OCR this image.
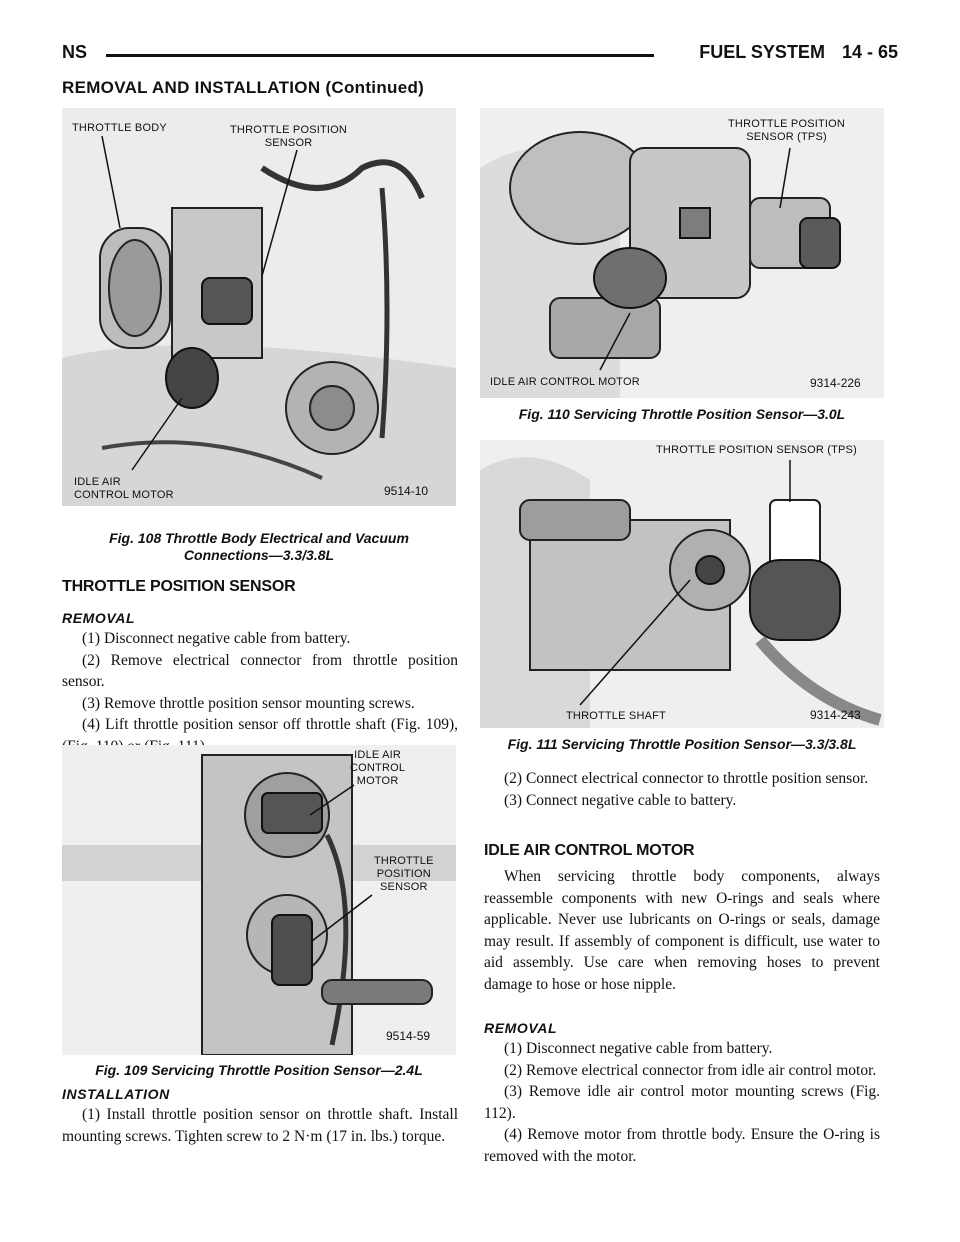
NS	FUEL SYSTEM 14 - 65
REMOVAL AND INSTALLATION (Continued)
THROTTLE BODY	THROTTLE POSITION
SENSOR
IDLE AIR
CONTROL MOTOR	9514-10
Fig. 108 Throttle Body Electrical and Vacuum
Connections—3.3/3.8L
THROTTLE POSITION SENSOR
REMOVAL

(1) Disconnect negative cable from battery.

(2) Remove electrical connector from throttle position sensor.

(3) Remove throttle position sensor mounting screws.

(4) Lift throttle position sensor off throttle shaft (Fig. 109),

IDLE AIR
CONTROL
MOTOR
THROTTLE
POSITION
SENSOR
9514-59
Fig. 109 Servicing Throttle Position Sensor—2.4L
INSTALLATION

(1) Install throttle position sensor on throttle shaft. Install mounting screws. Tighten screw to 2 N·m (17 in. lbs.) torque.

THROTTLE POSITION
SENSOR (TPS)
IDLE AIR CONTROL MOTOR	9314-226
Fig. 110 Servicing Throttle Position Sensor—3.0L
THROTTLE POSITION SENSOR (TPS)
THROTTLE SHAFT	9314-243
Fig. 111 Servicing Throttle Position Sensor—3.3/3.8L

(2) Connect electrical connector to throttle position sensor.

(3) Connect negative cable to battery.

IDLE AIR CONTROL MOTOR

When servicing throttle body components, always reassemble components with new O-rings and seals where applicable. Never use lubricants on O-rings or seals, damage may result. If assembly of component is difficult, use water to aid assembly. Use care when removing hoses to prevent damage to hose or hose nipple.

REMOVAL

(1) Disconnect negative cable from battery.

(2) Remove electrical connector from idle air control motor.

(3) Remove idle air control motor mounting screws (Fig. 112).

(4) Remove motor from throttle body. Ensure the O-ring is removed with the motor.
